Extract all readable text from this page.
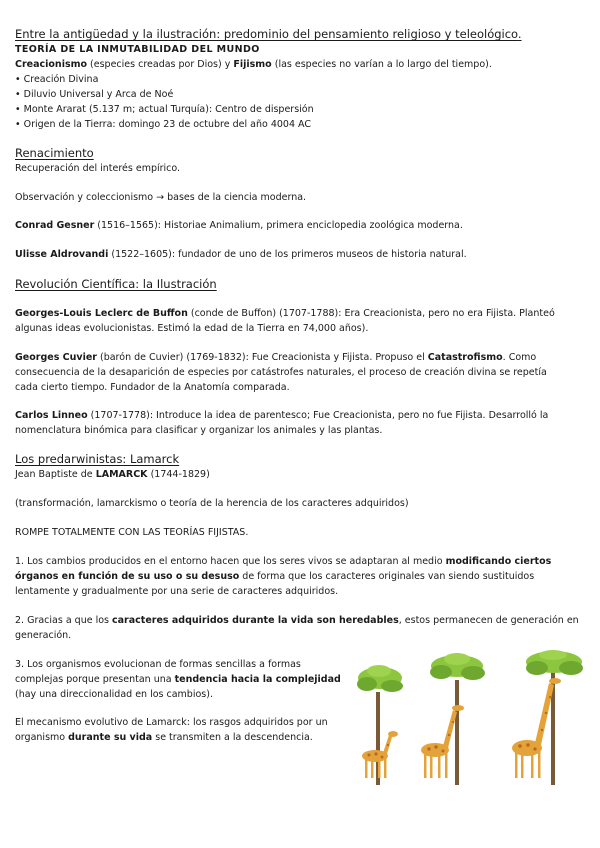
Entre la antigüedad y la ilustración: predominio del pensamiento religioso y teleológico.
TEORÍA DE LA INMUTABILIDAD DEL MUNDO
Creacionismo (especies creadas por Dios) y Fijismo (las especies no varían a lo largo del tiempo).
• Creación Divina
• Diluvio Universal y Arca de Noé
• Monte Ararat (5.137 m; actual Turquía): Centro de dispersión
• Origen de la Tierra: domingo 23 de octubre del año 4004 AC
Renacimiento
Recuperación del interés empírico.
Observación y coleccionismo → bases de la ciencia moderna.
Conrad Gesner (1516–1565): Historiae Animalium, primera enciclopedia zoológica moderna.
Ulisse Aldrovandi (1522–1605): fundador de uno de los primeros museos de historia natural.
Revolución Científica: la Ilustración
Georges-Louis Leclerc de Buffon (conde de Buffon) (1707-1788): Era Creacionista, pero no era Fijista. Planteó
algunas ideas evolucionistas. Estimó la edad de la Tierra en 74,000 años).
Georges Cuvier (barón de Cuvier) (1769-1832): Fue Creacionista y Fijista. Propuso el Catastrofismo. Como
consecuencia de la desaparición de especies por catástrofes naturales, el proceso de creación divina se repetía
cada cierto tiempo. Fundador de la Anatomía comparada.
Carlos Linneo (1707-1778): Introduce la idea de parentesco; Fue Creacionista, pero no fue Fijista. Desarrolló la
nomenclatura binómica para clasificar y organizar los animales y las plantas.
Los predarwinistas: Lamarck
Jean Baptiste de LAMARCK (1744-1829)
(transformación, lamarckismo o teoría de la herencia de los caracteres adquiridos)
ROMPE TOTALMENTE CON LAS TEORÍAS FIJISTAS.
1. Los cambios producidos en el entorno hacen que los seres vivos se adaptaran al medio modificando ciertos
órganos en función de su uso o su desuso de forma que los caracteres originales van siendo sustituidos
lentamente y gradualmente por una serie de caracteres adquiridos.
2. Gracias a que los caracteres adquiridos durante la vida son heredables, estos permanecen de generación en
generación.
3. Los organismos evolucionan de formas sencillas a formas
complejas porque presentan una tendencia hacia la complejidad
(hay una direccionalidad en los cambios).
El mecanismo evolutivo de Lamarck: los rasgos adquiridos por un
organismo durante su vida se transmiten a la descendencia.
